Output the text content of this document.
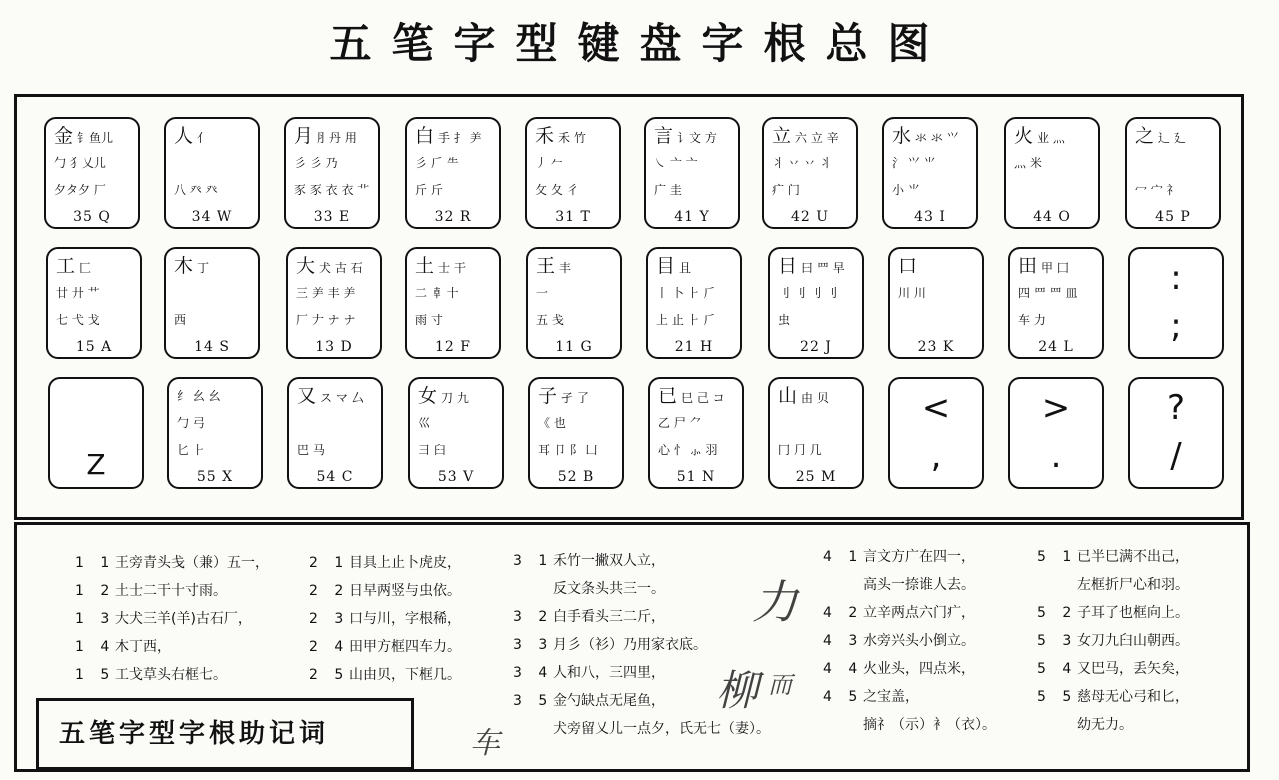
五笔字型键盘字根总图
金钅鱼儿
勹 犭乂儿
夕タ夕 厂
35 Q
人亻
八 癶 癶
34 W
月 ⺼丹 用
彡 彡 乃
豕 豕 衣 衣 ⻀
33 E
白手 扌 ⺶
彡 𠂆 ⺧
斤 斤
32 R
禾 ⽲ 竹
丿 𠂉
攵 夂 彳
31 T
言讠文 方
㇏ 亠 亠
广 圭
41 Y
立六 立 辛
丬 丷 丷 丬
疒 门
42 U
水氺 氺 ⺍
氵 ⺍ ⺌
小 ⺌
43 I
火业 灬
灬 米
44 O
之辶 廴
冖 宀 礻
45 P
工匚
廿 廾 艹
七 弋 戈
15 A
木丁
西
14 S
大犬 古 石
三 ⺶ 丰 ⺶
厂 𠂇 ナ ナ
13 D
土士 干
二 𠦝 十
雨 寸
12 F
王丰
一
五 戋
11 G
目且
丨 卜 ⺊ 𠂆
上 止 ⺊ 𠂆
21 H
日曰 ⺲ 早
刂 刂 刂 刂
虫
22 J
口
川 川
23 K
田甲 囗
四 罒 罒 皿
车 力
24 L
:
;
Z
纟 ⺓ 幺
勹 弓
匕 ⺊
55 X
又ス マ 厶
巴 马
54 C
女刀 九
巛
彐 臼
53 V
子孑 了
《 也
耳 卩 阝 凵
52 B
已巳 己 コ
乙 尸 ⺈
心 忄 ⺗ 羽
51 N
山由 贝
冂 ⺆ 几
25 M
<
,
>
.
?
/
1 1王旁青头戋（兼）五一，
1 2土士二干十寸雨。
1 3大犬三羊(羊)古石厂，
1 4木丁西，
1 5工戈草头右框七。
2 1目具上止卜虎皮，
2 2日早两竖与虫依。
2 3口与川，字根稀，
2 4田甲方框四车力。
2 5山由贝，下框几。
3 1禾竹一撇双人立，
反文条头共三一。
3 2白手看头三二斤，
3 3月彡（衫）乃用家衣底。
3 4人和八，三四里，
3 5金勺缺点无尾鱼，
犬旁留乂儿一点夕，氏无七（妻）。
4 1言文方广在四一，
高头一捺谁人去。
4 2立辛两点六门疒，
4 3水旁兴头小倒立。
4 4火业头，四点米，
4 5之宝盖，
摘礻（示）衤（衣）。
5 1已半巳满不出己，
左框折尸心和羽。
5 2子耳了也框向上。
5 3女刀九臼山朝西。
5 4又巴马，丢矢矣，
5 5慈母无心弓和匕，
幼无力。
五笔字型字根助记词
力
柳 而
车
